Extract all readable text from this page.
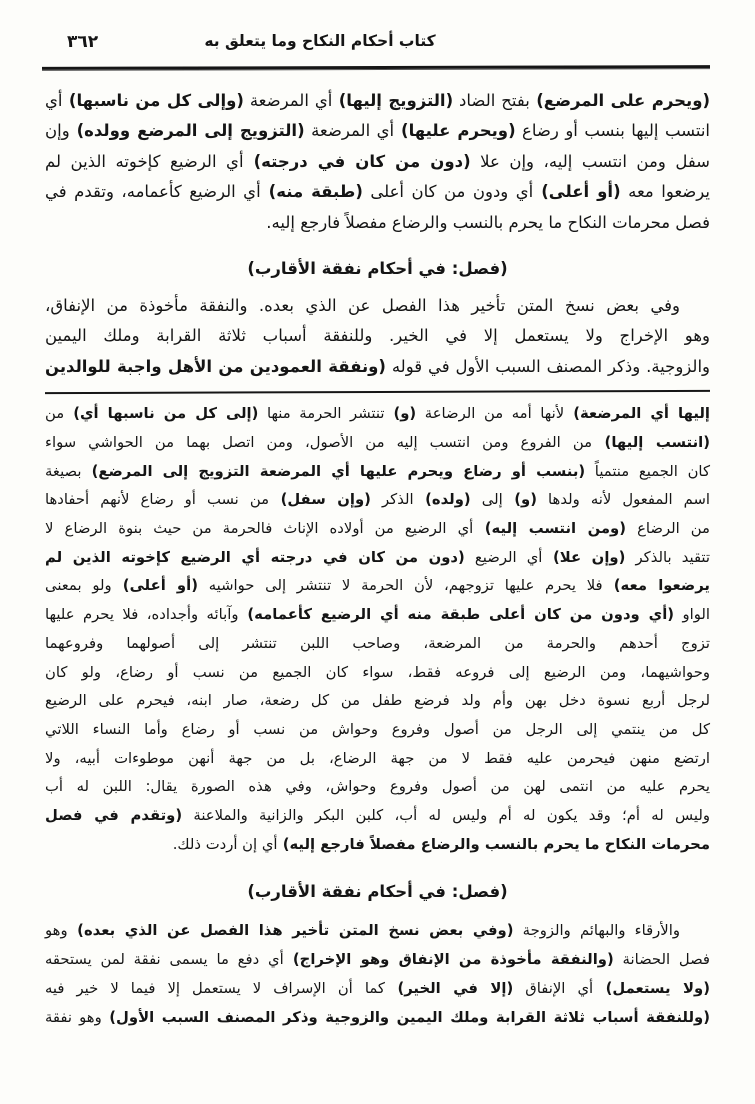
٣٦٢	كتاب أحكام النكاح وما يتعلق به
(ويحرم على المرضع) بفتح الضاد (التزويج إليها) أي المرضعة (وإلى كل من ناسبها) أي
انتسب إليها بنسب أو رضاع (ويحرم عليها) أي المرضعة (التزويج إلى المرضع وولده) وإن
سفل ومن انتسب إليه، وإن علا (دون من كان في درجته) أي الرضيع كإخوته الذين لم
يرضعوا معه (أو أعلى) أي ودون من كان أعلى (طبقة منه) أي الرضيع كأعمامه، وتقدم في
فصل محرمات النكاح ما يحرم بالنسب والرضاع مفصلاً فارجع إليه.
(فصل: في أحكام نفقة الأقارب)
وفي بعض نسخ المتن تأخير هذا الفصل عن الذي بعده. والنفقة مأخوذة من الإنفاق،
وهو الإخراج ولا يستعمل إلا في الخير. وللنفقة أسباب ثلاثة القرابة وملك اليمين
والزوجية. وذكر المصنف السبب الأول في قوله (ونفقة العمودين من الأهل واجبة للوالدين
إليها أي المرضعة) لأنها أمه من الرضاعة (و) تنتشر الحرمة منها (إلى كل من ناسبها أي) من
(انتسب إليها) من الفروع ومن انتسب إليه من الأصول، ومن اتصل بهما من الحواشي سواء
كان الجميع منتمياً (بنسب أو رضاع ويحرم عليها أي المرضعة التزويج إلى المرضع) بصيغة
اسم المفعول لأنه ولدها (و) إلى (ولده) الذكر (وإن سفل) من نسب أو رضاع لأنهم أحفادها
من الرضاع (ومن انتسب إليه) أي الرضيع من أولاده الإناث فالحرمة من حيث بنوة الرضاع لا
تتقيد بالذكر (وإن علا) أي الرضيع (دون من كان في درجته أي الرضيع كإخوته الذين لم
يرضعوا معه) فلا يحرم عليها تزوجهم، لأن الحرمة لا تنتشر إلى حواشيه (أو أعلى) ولو بمعنى
الواو (أي ودون من كان أعلى طبقة منه أي الرضيع كأعمامه) وآبائه وأجداده، فلا يحرم عليها
تزوج أحدهم والحرمة من المرضعة، وصاحب اللبن تنتشر إلى أصولهما وفروعهما
وحواشيهما، ومن الرضيع إلى فروعه فقط، سواء كان الجميع من نسب أو رضاع، ولو كان
لرجل أربع نسوة دخل بهن وأم ولد فرضع طفل من كل رضعة، صار ابنه، فيحرم على الرضيع
كل من ينتمي إلى الرجل من أصول وفروع وحواش من نسب أو رضاع وأما النساء اللاتي
ارتضع منهن فيحرمن عليه فقط لا من جهة الرضاع، بل من جهة أنهن موطوءات أبيه، ولا
يحرم عليه من انتمى لهن من أصول وفروع وحواش، وفي هذه الصورة يقال: اللبن له أب
وليس له أم؛ وقد يكون له أم وليس له أب، كلبن البكر والزانية والملاعنة (وتقدم في فصل
محرمات النكاح ما يحرم بالنسب والرضاع مفصلاً فارجع إليه) أي إن أردت ذلك.
(فصل: في أحكام نفقة الأقارب)
والأرقاء والبهائم والزوجة (وفي بعض نسخ المتن تأخير هذا الفصل عن الذي بعده) وهو
فصل الحضانة (والنفقة مأخوذة من الإنفاق وهو الإخراج) أي دفع ما يسمى نفقة لمن يستحقه
(ولا يستعمل) أي الإنفاق (إلا في الخير) كما أن الإسراف لا يستعمل إلا فيما لا خير فيه
(وللنفقة أسباب ثلاثة القرابة وملك اليمين والزوجية وذكر المصنف السبب الأول) وهو نفقة
